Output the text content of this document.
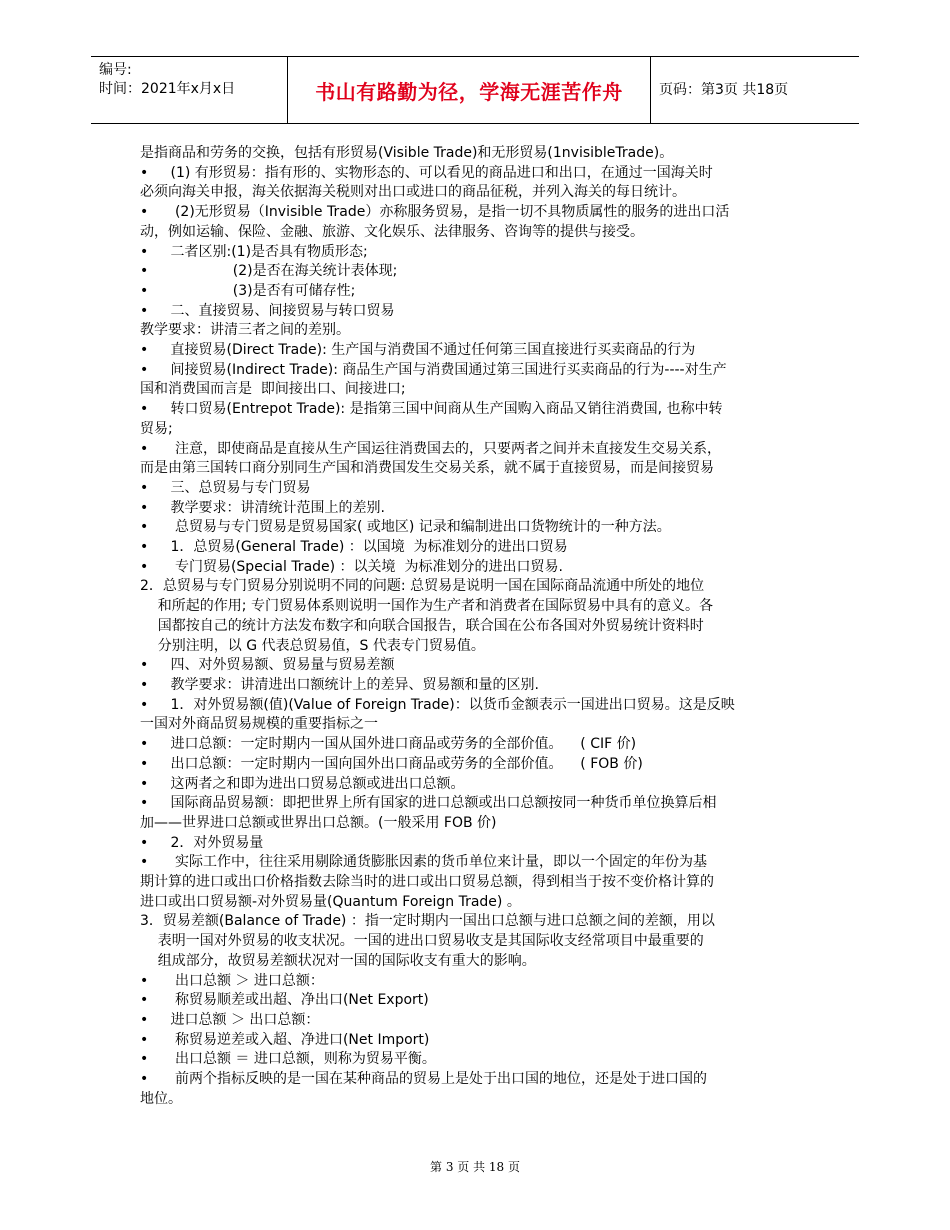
编号:
时间：2021年x月x日	书山有路勤为径，学海无涯苦作舟	页码：第3页 共18页
是指商品和劳务的交换，包括有形贸易(Visible Trade)和无形贸易(1nvisibleTrade)。
•     (1) 有形贸易：指有形的、实物形态的、可以看见的商品进口和出口，在通过一国海关时
必须向海关申报，海关依据海关税则对出口或进口的商品征税，并列入海关的每日统计。
•      (2)无形贸易（Invisible Trade）亦称服务贸易，是指一切不具物质属性的服务的进出口活
动，例如运输、保险、金融、旅游、文化娱乐、法律服务、咨询等的提供与接受。
•     二者区别:(1)是否具有物质形态;
•                   (2)是否在海关统计表体现;
•                   (3)是否有可储存性;
•     二、直接贸易、间接贸易与转口贸易
教学要求：讲清三者之间的差别。
•     直接贸易(Direct Trade): 生产国与消费国不通过任何第三国直接进行买卖商品的行为
•     间接贸易(Indirect Trade): 商品生产国与消费国通过第三国进行买卖商品的行为----对生产
国和消费国而言是  即间接出口、间接进口;
•     转口贸易(Entrepot Trade): 是指第三国中间商从生产国购入商品又销往消费国, 也称中转
贸易;
•      注意，即使商品是直接从生产国运往消费国去的，只要两者之间并未直接发生交易关系，
而是由第三国转口商分别同生产国和消费国发生交易关系，就不属于直接贸易，而是间接贸易
•     三、总贸易与专门贸易
•     教学要求：讲清统计范围上的差别.
•      总贸易与专门贸易是贸易国家( 或地区) 记录和编制进出口货物统计的一种方法。
•     1．总贸易(General Trade) ：以国境  为标准划分的进出口贸易
•      专门贸易(Special Trade) ：以关境  为标准划分的进出口贸易.
2．总贸易与专门贸易分别说明不同的问题: 总贸易是说明一国在国际商品流通中所处的地位
和所起的作用; 专门贸易体系则说明一国作为生产者和消费者在国际贸易中具有的意义。各
国都按自己的统计方法发布数字和向联合国报告，联合国在公布各国对外贸易统计资料时
分别注明，以 G 代表总贸易值，S 代表专门贸易值。
•     四、对外贸易额、贸易量与贸易差额
•     教学要求：讲清进出口额统计上的差异、贸易额和量的区别.
•     1．对外贸易额(值)(Value of Foreign Trade)：以货币金额表示一国进出口贸易。这是反映
一国对外商品贸易规模的重要指标之一
•     进口总额：一定时期内一国从国外进口商品或劳务的全部价值。    ( CIF 价)
•     出口总额：一定时期内一国向国外出口商品或劳务的全部价值。    ( FOB 价)
•     这两者之和即为进出口贸易总额或进出口总额。
•     国际商品贸易额：即把世界上所有国家的进口总额或出口总额按同一种货币单位换算后相
加——世界进口总额或世界出口总额。(一般采用 FOB 价)
•     2．对外贸易量
•      实际工作中，往往采用剔除通货膨胀因素的货币单位来计量，即以一个固定的年份为基
期计算的进口或出口价格指数去除当时的进口或出口贸易总额，得到相当于按不变价格计算的
进口或出口贸易额-对外贸易量(Quantum Foreign Trade) 。
3．贸易差额(Balance of Trade) ：指一定时期内一国出口总额与进口总额之间的差额，用以
表明一国对外贸易的收支状况。一国的进出口贸易收支是其国际收支经常项目中最重要的
组成部分，故贸易差额状况对一国的国际收支有重大的影响。
•      出口总额 ＞ 进口总额：
•      称贸易顺差或出超、净出口(Net Export)
•     进口总额 ＞ 出口总额：
•      称贸易逆差或入超、净进口(Net Import)
•      出口总额 ＝ 进口总额，则称为贸易平衡。
•      前两个指标反映的是一国在某种商品的贸易上是处于出口国的地位，还是处于进口国的
地位。
第 3 页 共 18 页
